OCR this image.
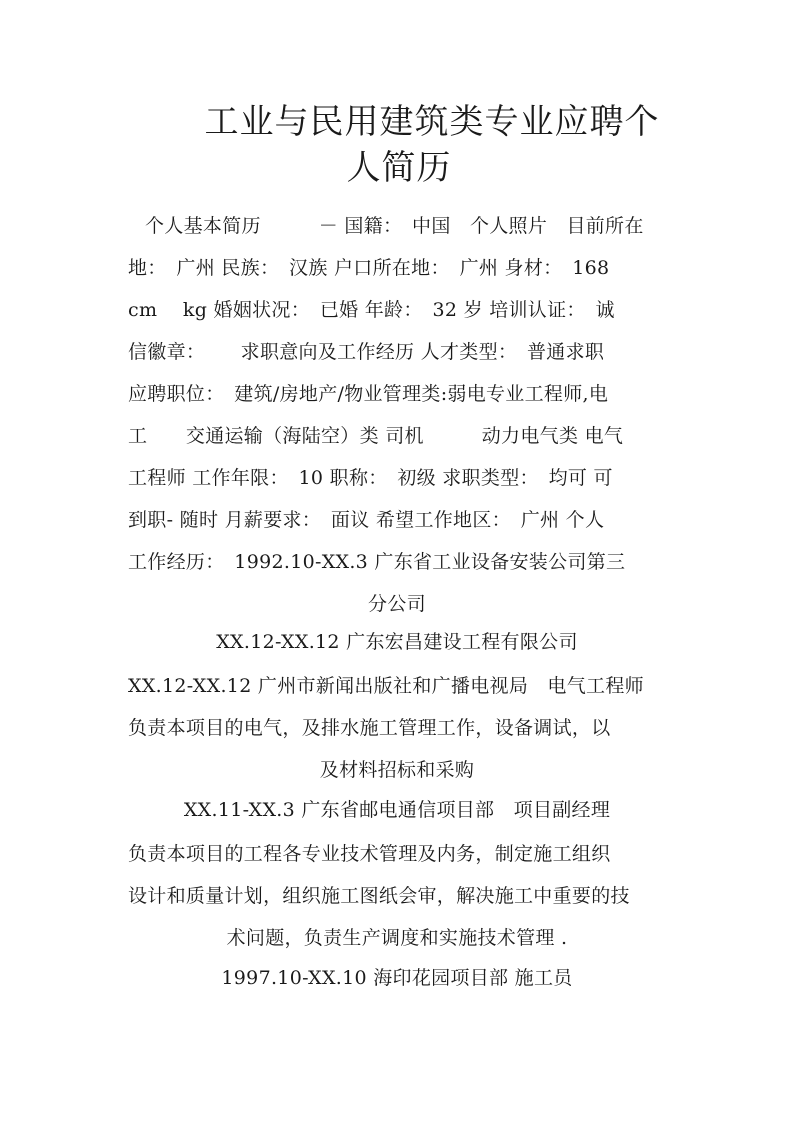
工业与民用建筑类专业应聘个
人简历
个人基本简历　　　－ 国籍：　中国　个人照片　目前所在
地：　广州 民族：　汉族 户口所在地：　广州 身材：　168
cm　 kg 婚姻状况：　已婚 年龄：　32 岁 培训认证：　诚
信徽章：　　 求职意向及工作经历 人才类型：　普通求职
应聘职位：　建筑/房地产/物业管理类:弱电专业工程师,电
工　　交通运输（海陆空）类 司机　　　动力电气类 电气
工程师 工作年限：　10 职称：　初级 求职类型：　均可 可
到职- 随时 月薪要求：　面议 希望工作地区：　广州 个人
工作经历：　1992.10-XX.3 广东省工业设备安装公司第三
分公司
XX.12-XX.12 广东宏昌建设工程有限公司
XX.12-XX.12 广州市新闻出版社和广播电视局　电气工程师
负责本项目的电气，及排水施工管理工作，设备调试，以
及材料招标和采购
XX.11-XX.3 广东省邮电通信项目部　项目副经理
负责本项目的工程各专业技术管理及内务，制定施工组织
设计和质量计划，组织施工图纸会审，解决施工中重要的技
术问题，负责生产调度和实施技术管理 .
1997.10-XX.10 海印花园项目部 施工员
